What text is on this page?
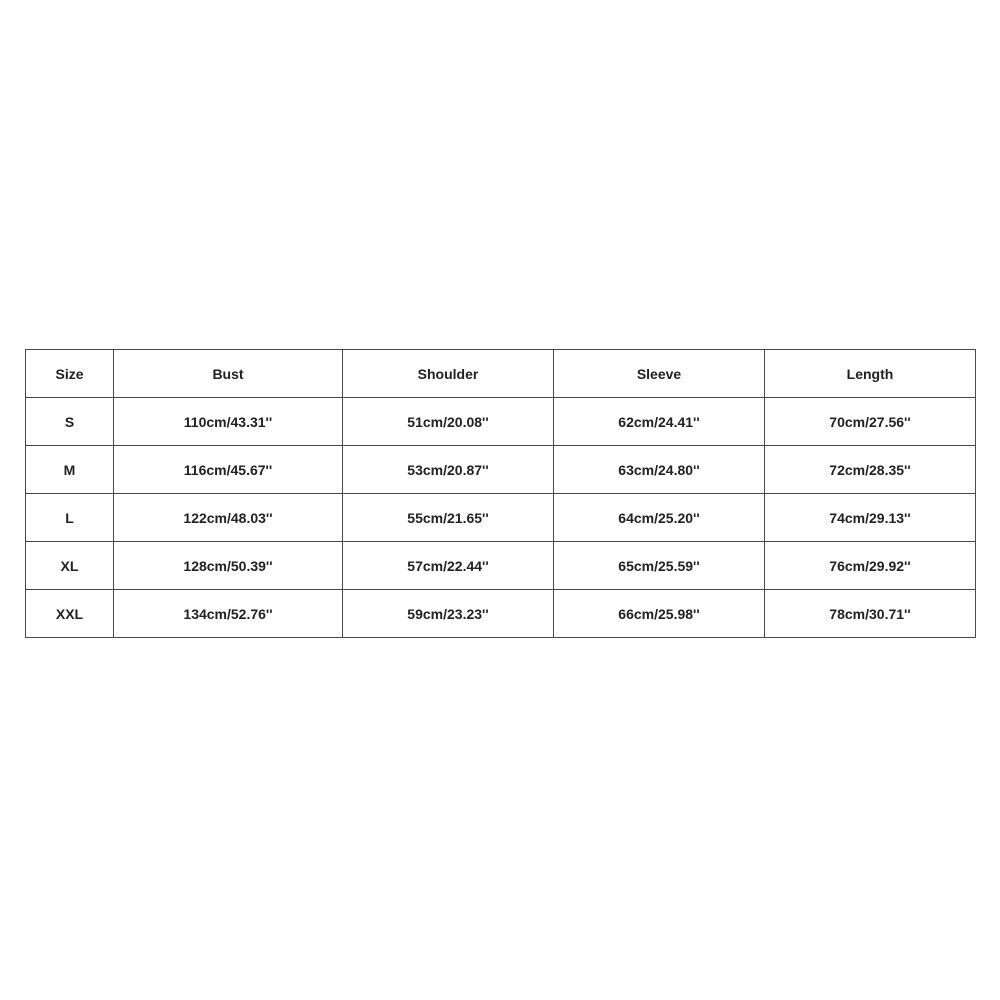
Size	Bust	Shoulder	Sleeve	Length
S	110cm/43.31''	51cm/20.08''	62cm/24.41''	70cm/27.56''
M	116cm/45.67''	53cm/20.87''	63cm/24.80''	72cm/28.35''
L	122cm/48.03''	55cm/21.65''	64cm/25.20''	74cm/29.13''
XL	128cm/50.39''	57cm/22.44''	65cm/25.59''	76cm/29.92''
XXL	134cm/52.76''	59cm/23.23''	66cm/25.98''	78cm/30.71''
